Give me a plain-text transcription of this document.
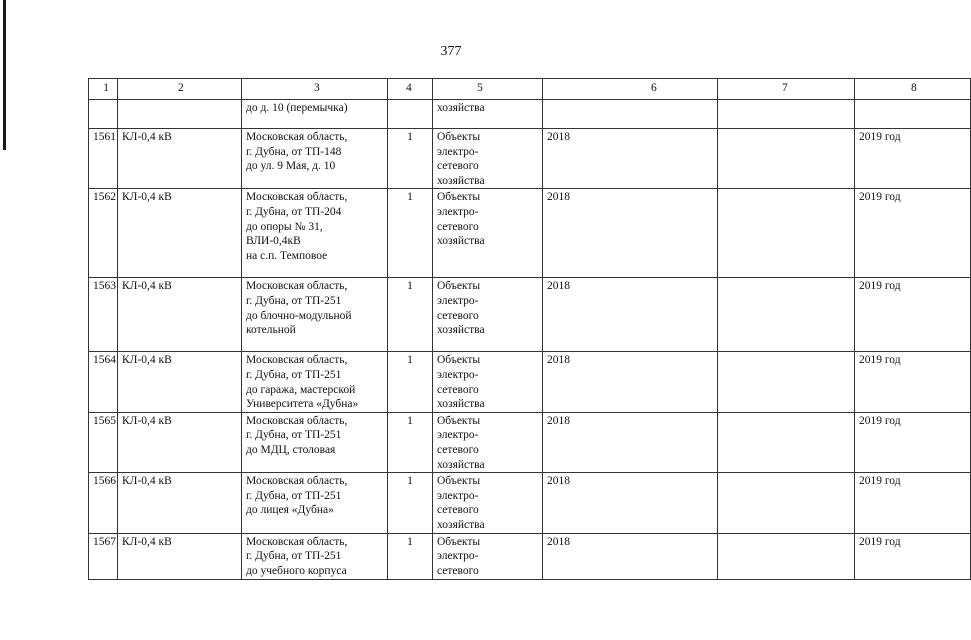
377
1	2	3	4	5	6	7	8

		до д. 10 (перемычка)		хозяйства			

1561	КЛ-0,4 кВ	Московская область,
г. Дубна, от ТП-148
до ул. 9 Мая, д. 10	1	Объекты
электро-
сетевого
хозяйства	2018		2019 год
1562	КЛ-0,4 кВ	Московская область,
г. Дубна, от ТП-204
до опоры № 31,
ВЛИ-0,4кВ
на с.п. Темповое	1	Объекты
электро-
сетевого
хозяйства	2018		2019 год
1563	КЛ-0,4 кВ	Московская область,
г. Дубна, от ТП-251
до блочно-модульной
котельной	1	Объекты
электро-
сетевого
хозяйства	2018		2019 год
1564	КЛ-0,4 кВ	Московская область,
г. Дубна, от ТП-251
до гаража, мастерской
Университета «Дубна»	1	Объекты
электро-
сетевого
хозяйства	2018		2019 год
1565	КЛ-0,4 кВ	Московская область,
г. Дубна, от ТП-251
до МДЦ, столовая	1	Объекты
электро-
сетевого
хозяйства	2018		2019 год
1566	КЛ-0,4 кВ	Московская область,
г. Дубна, от ТП-251
до лицея «Дубна»	1	Объекты
электро-
сетевого
хозяйства	2018		2019 год
1567	КЛ-0,4 кВ	Московская область,
г. Дубна, от ТП-251
до учебного корпуса	1	Объекты
электро-
сетевого	2018		2019 год
